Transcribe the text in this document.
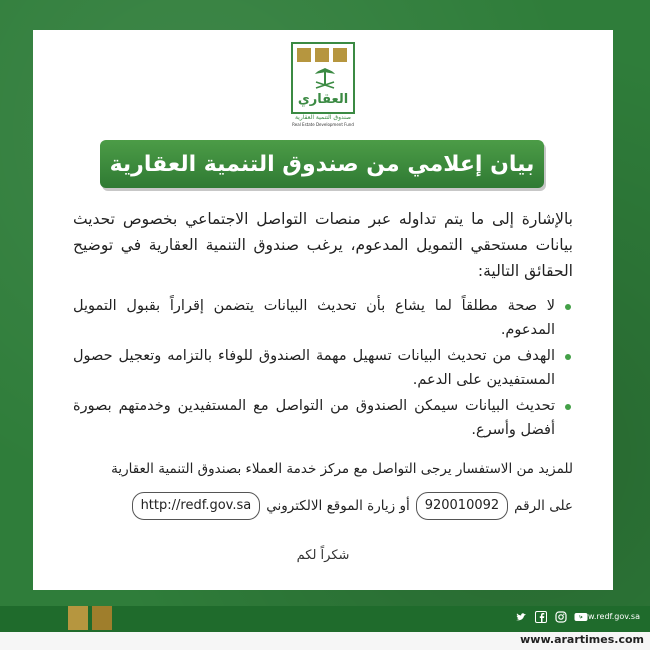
العقاري
صندوق التنمية العقارية
Real Estate Development Fund
بيان إعلامي من صندوق التنمية العقارية

بالإشارة إلى ما يتم تداوله عبر منصات التواصل الاجتماعي بخصوص تحديث بيانات مستحقي التمويل المدعوم، يرغب صندوق التنمية العقارية في توضيح الحقائق التالية:

لا صحة مطلقاً لما يشاع بأن تحديث البيانات يتضمن إقراراً بقبول التمويل المدعوم.
الهدف من تحديث البيانات تسهيل مهمة الصندوق للوفاء بالتزامه وتعجيل حصول المستفيدين على الدعم.
تحديث البيانات سيمكن الصندوق من التواصل مع المستفيدين وخدمتهم بصورة أفضل وأسرع.
للمزيد من الاستفسار يرجى التواصل مع مركز خدمة العملاء بصندوق التنمية العقارية
على الرقم
920010092
أو زيارة الموقع الالكتروني
http://redf.gov.sa
شكراً لكم
www.redf.gov.sa
www.arartimes.com
